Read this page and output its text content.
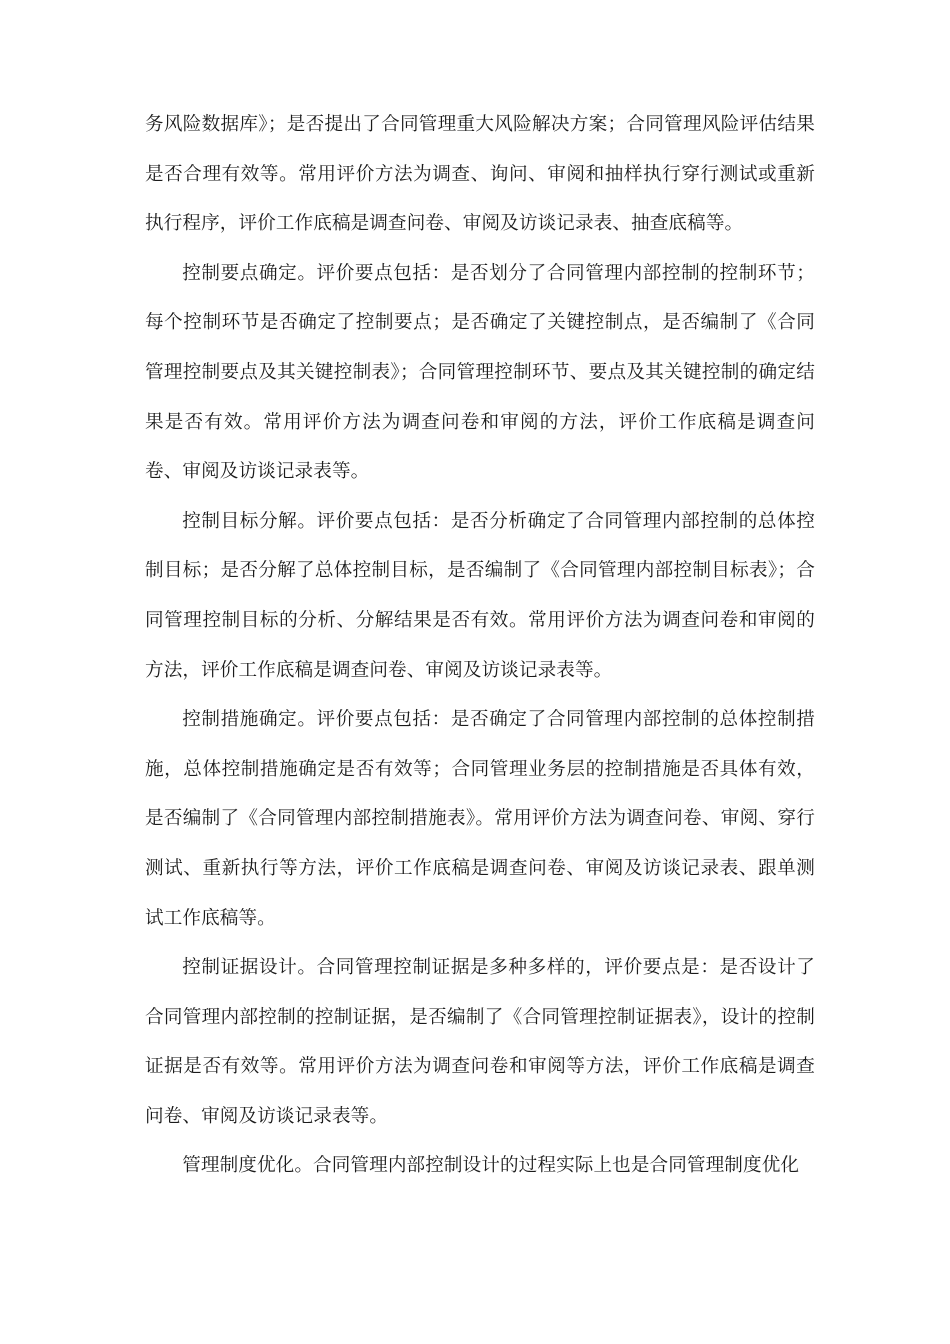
务风险数据库》；是否提出了合同管理重大风险解决方案；合同管理风险评估结果是否合理有效等。常用评价方法为调查、询问、审阅和抽样执行穿行测试或重新执行程序，评价工作底稿是调查问卷、审阅及访谈记录表、抽查底稿等。

控制要点确定。评价要点包括：是否划分了合同管理内部控制的控制环节；每个控制环节是否确定了控制要点；是否确定了关键控制点，是否编制了《合同管理控制要点及其关键控制表》；合同管理控制环节、要点及其关键控制的确定结果是否有效。常用评价方法为调查问卷和审阅的方法，评价工作底稿是调查问卷、审阅及访谈记录表等。

控制目标分解。评价要点包括：是否分析确定了合同管理内部控制的总体控制目标；是否分解了总体控制目标，是否编制了《合同管理内部控制目标表》；合同管理控制目标的分析、分解结果是否有效。常用评价方法为调查问卷和审阅的方法，评价工作底稿是调查问卷、审阅及访谈记录表等。

控制措施确定。评价要点包括：是否确定了合同管理内部控制的总体控制措施，总体控制措施确定是否有效等；合同管理业务层的控制措施是否具体有效，是否编制了《合同管理内部控制措施表》。常用评价方法为调查问卷、审阅、穿行测试、重新执行等方法，评价工作底稿是调查问卷、审阅及访谈记录表、跟单测试工作底稿等。

控制证据设计。合同管理控制证据是多种多样的，评价要点是：是否设计了合同管理内部控制的控制证据，是否编制了《合同管理控制证据表》，设计的控制证据是否有效等。常用评价方法为调查问卷和审阅等方法，评价工作底稿是调查问卷、审阅及访谈记录表等。

管理制度优化。合同管理内部控制设计的过程实际上也是合同管理制度优化
